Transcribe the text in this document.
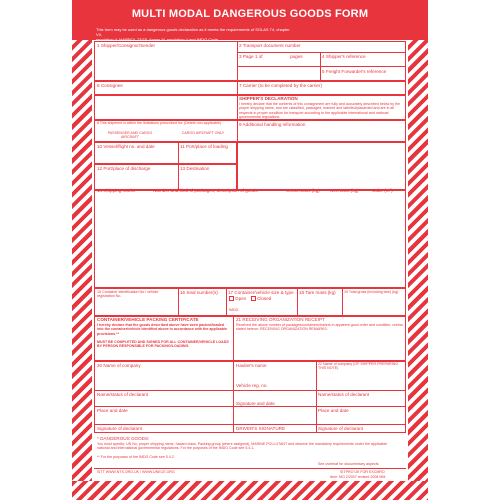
MULTI MODAL DANGEROUS GOODS FORM
This form may be used as a dangerous goods declaration as it meets the requirements of SOLAS 74, chapter VII,
regulation 4; MARPOL 73/78, Annex III, regulation 4 and IMDG Code
1 Shipper/Consignor/Sender	2 Transport document number
3 Page 1 of	pages	4 Shipper's reference
5 Freight Forwarder's reference
6 Consignee	7 Carrier (to be completed by the carrier)
SHIPPER'S DECLARATION
I hereby declare that the contents of this consignment are fully and accurately described below by the proper shipping name, and are classified, packaged, marked and labelled/placarded and are in all respects in proper condition for transport according to the applicable international and national governmental regulations.
8 This shipment is within the limitations prescribed for: (Delete non-applicable)
PASSENGER AND CARGO AIRCRAFT
CARGO AIRCRAFT ONLY
9 Additional handling information
10 Vessel/flight no. and date	11 Port/place of loading
12 Port/place of discharge	13 Destination
14 Shipping marks	* Number and kind of packages; description of goods	Gross mass (kg) Net mass (kg)	Cube (m³)
15 Container identification No./ vehicle registration No.
16 Seal number(s) 17 Container/vehicle size & type
Open	Closed
IMDG
18 Tare mass (kg) 19 Total gross (including tare) (kg)
CONTAINER/VEHICLE PACKING CERTIFICATE
I hereby declare that the goods described above have been packed/loaded into the container/vehicle identified above in accordance with the applicable provisions.**
MUST BE COMPLETED AND SIGNED FOR ALL CONTAINER/VEHICLE LOADS BY PERSON RESPONSIBLE FOR PACKING/LOADING.
21 RECEIVING ORGANIZATION RECEIPT
Received the above number of packages/containers/trailers in apparent good order and condition, unless stated hereon: RECEIVING ORGANIZATION REMARKS:
20 Name of company	Haulier's name	22 Name of company (OF SHIPPER PREPARING THIS NOTE)
Vehicle reg. no.
Name/status of declarant	Name/status of declarant
Signature and date
Place and date	Place and date
Signature of declarant	DRIVER'S SIGNATURE	Signature of declarant
* DANGEROUS GOODS:
You must specify: UN No, proper shipping name, hazard class, Packing group (where assigned), MARINE POLLUTANT and observe the mandatory requirements under the applicable national and international governmental regulations. For the purposes of the IMDG Code see 5.4.1.
** For the purposes of the IMDG Code see 5.4.2.
See overleaf for documentary aspects.
SITT WWW.NTS.ORG.UK / WWW.UNECE.ORG	SITPRO UK FOR EXCMRO
Item: MO 2/2007 revised 2008 MM
